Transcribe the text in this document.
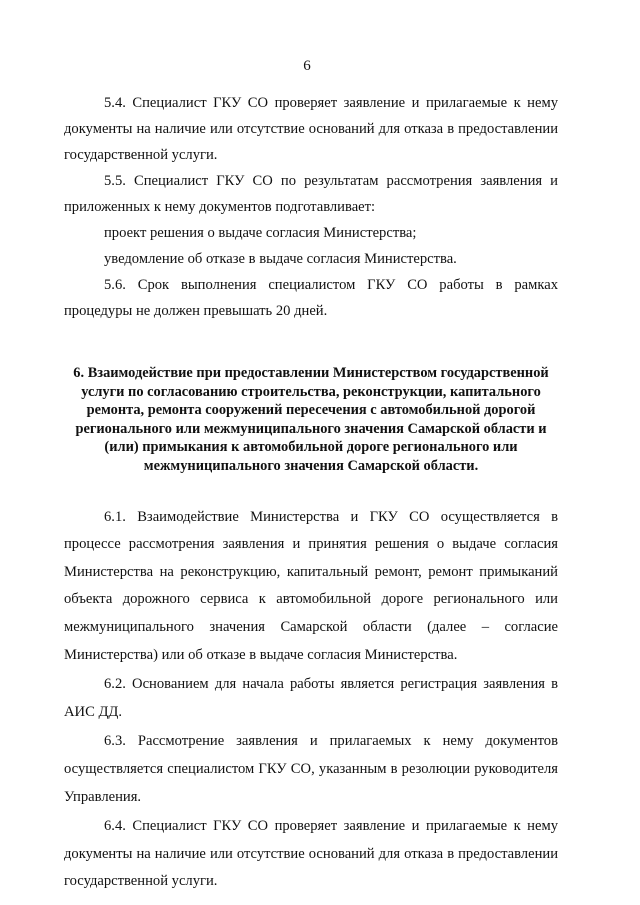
6

5.4. Специалист ГКУ СО проверяет заявление и прилагаемые к нему документы на наличие или отсутствие оснований для отказа в предоставлении государственной услуги.

5.5. Специалист ГКУ СО по результатам рассмотрения заявления и приложенных к нему документов подготавливает:

проект решения о выдаче согласия Министерства;

уведомление об отказе в выдаче согласия Министерства.

5.6. Срок выполнения специалистом ГКУ СО работы в рамках процедуры не должен превышать 20 дней.

6. Взаимодействие при предоставлении Министерством государственной услуги по согласованию строительства, реконструкции, капитального ремонта, ремонта сооружений пересечения с автомобильной дорогой регионального или межмуниципального значения Самарской области и (или) примыкания к автомобильной дороге регионального или межмуниципального значения Самарской области.

6.1. Взаимодействие Министерства и ГКУ СО осуществляется в процессе рассмотрения заявления и принятия решения о выдаче согласия Министерства на реконструкцию, капитальный ремонт, ремонт примыканий объекта дорожного сервиса к автомобильной дороге регионального или межмуниципального значения Самарской области (далее – согласие Министерства) или об отказе в выдаче согласия Министерства.

6.2. Основанием для начала работы является регистрация заявления в АИС ДД.

6.3. Рассмотрение заявления и прилагаемых к нему документов осуществляется специалистом ГКУ СО, указанным в резолюции руководителя Управления.

6.4. Специалист ГКУ СО проверяет заявление и прилагаемые к нему документы на наличие или отсутствие оснований для отказа в предоставлении государственной услуги.
